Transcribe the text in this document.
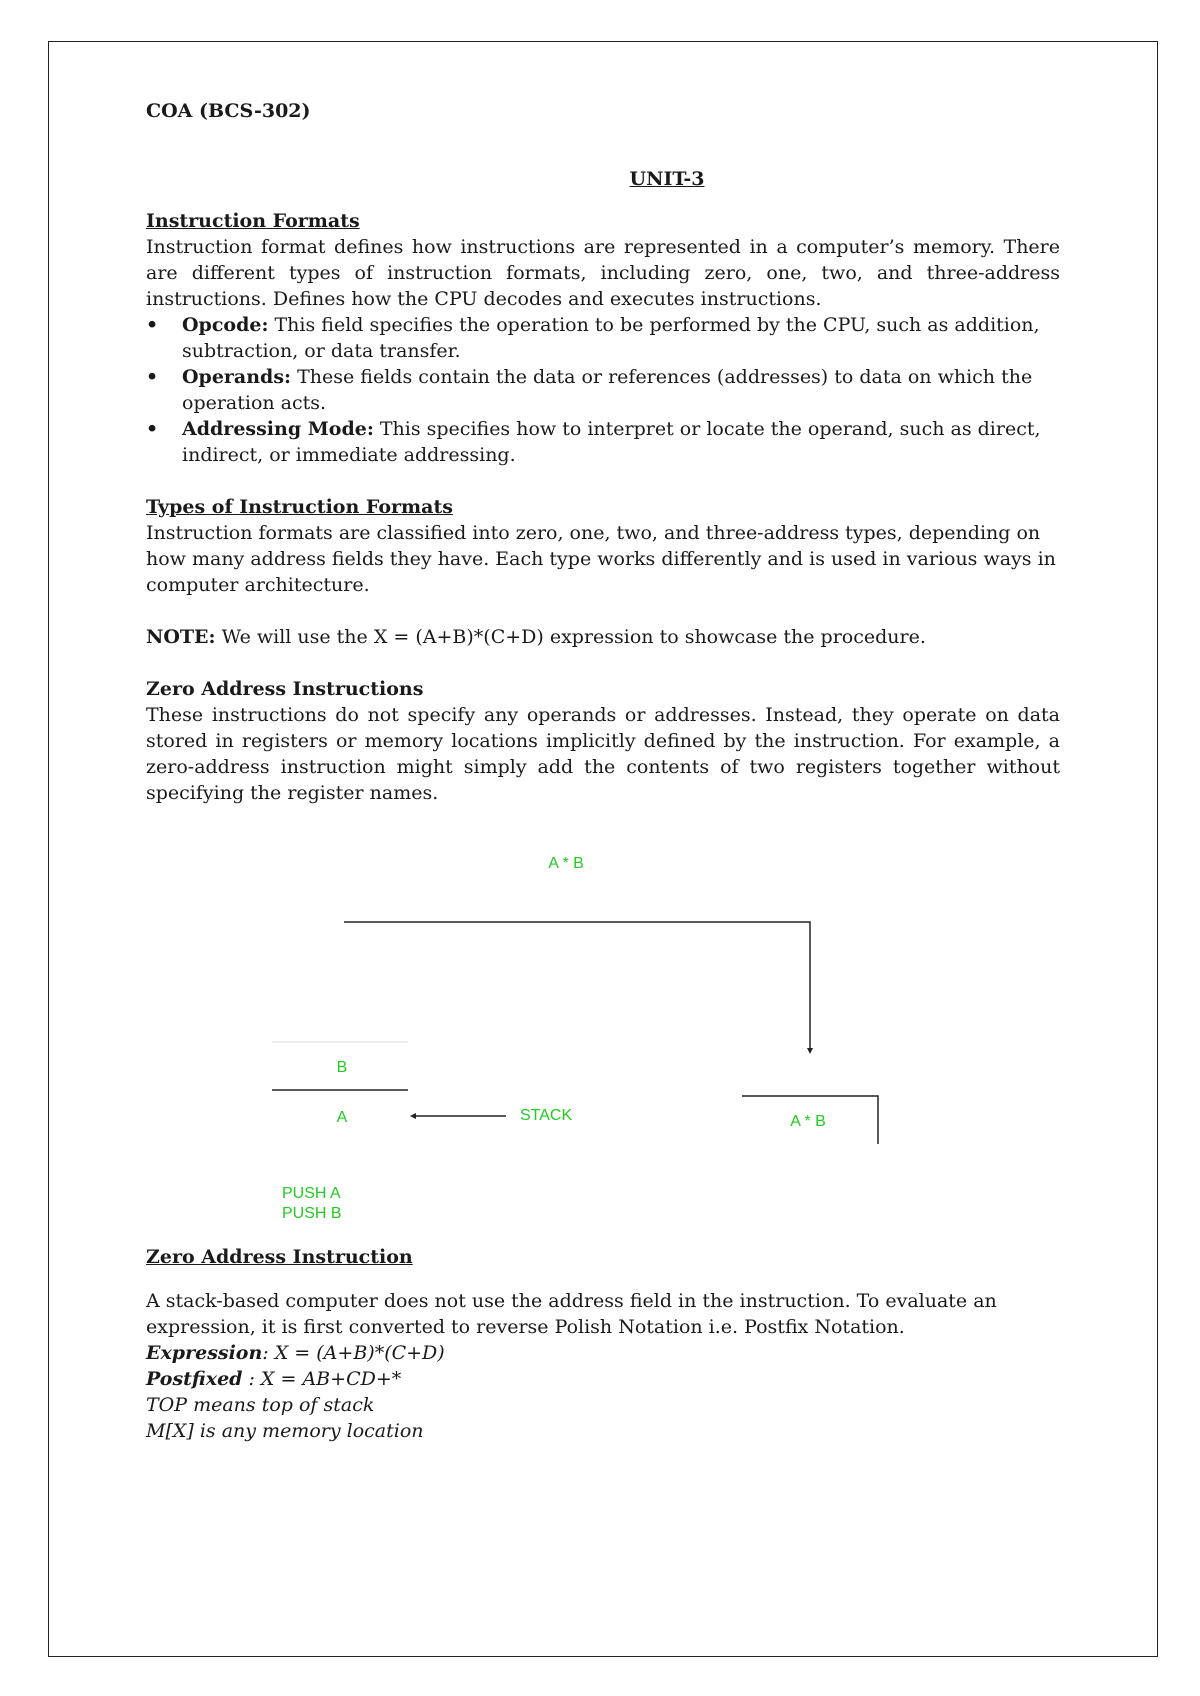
COA (BCS-302)

UNIT-3

Instruction Formats

Instruction format defines how instructions are represented in a computer’s memory. There are different types of instruction formats, including zero, one, two, and three-address instructions. Defines how the CPU decodes and executes instructions.

• Opcode: This field specifies the operation to be performed by the CPU, such as addition, subtraction, or data transfer.
• Operands: These fields contain the data or references (addresses) to data on which the operation acts.
• Addressing Mode: This specifies how to interpret or locate the operand, such as direct, indirect, or immediate addressing.

Types of Instruction Formats

Instruction formats are classified into zero, one, two, and three-address types, depending on how many address fields they have. Each type works differently and is used in various ways in computer architecture.

NOTE: We will use the X = (A+B)*(C+D) expression to showcase the procedure.

Zero Address Instructions

These instructions do not specify any operands or addresses. Instead, they operate on data stored in registers or memory locations implicitly defined by the instruction. For example, a zero-address instruction might simply add the contents of two registers together without specifying the register names.

A * B
B
A	STACK	A * B
PUSH A
PUSH B

Zero Address Instruction

A stack-based computer does not use the address field in the instruction. To evaluate an expression, it is first converted to reverse Polish Notation i.e. Postfix Notation.

Expression: X = (A+B)*(C+D)

Postfixed : X = AB+CD+*

TOP means top of stack

M[X] is any memory location
